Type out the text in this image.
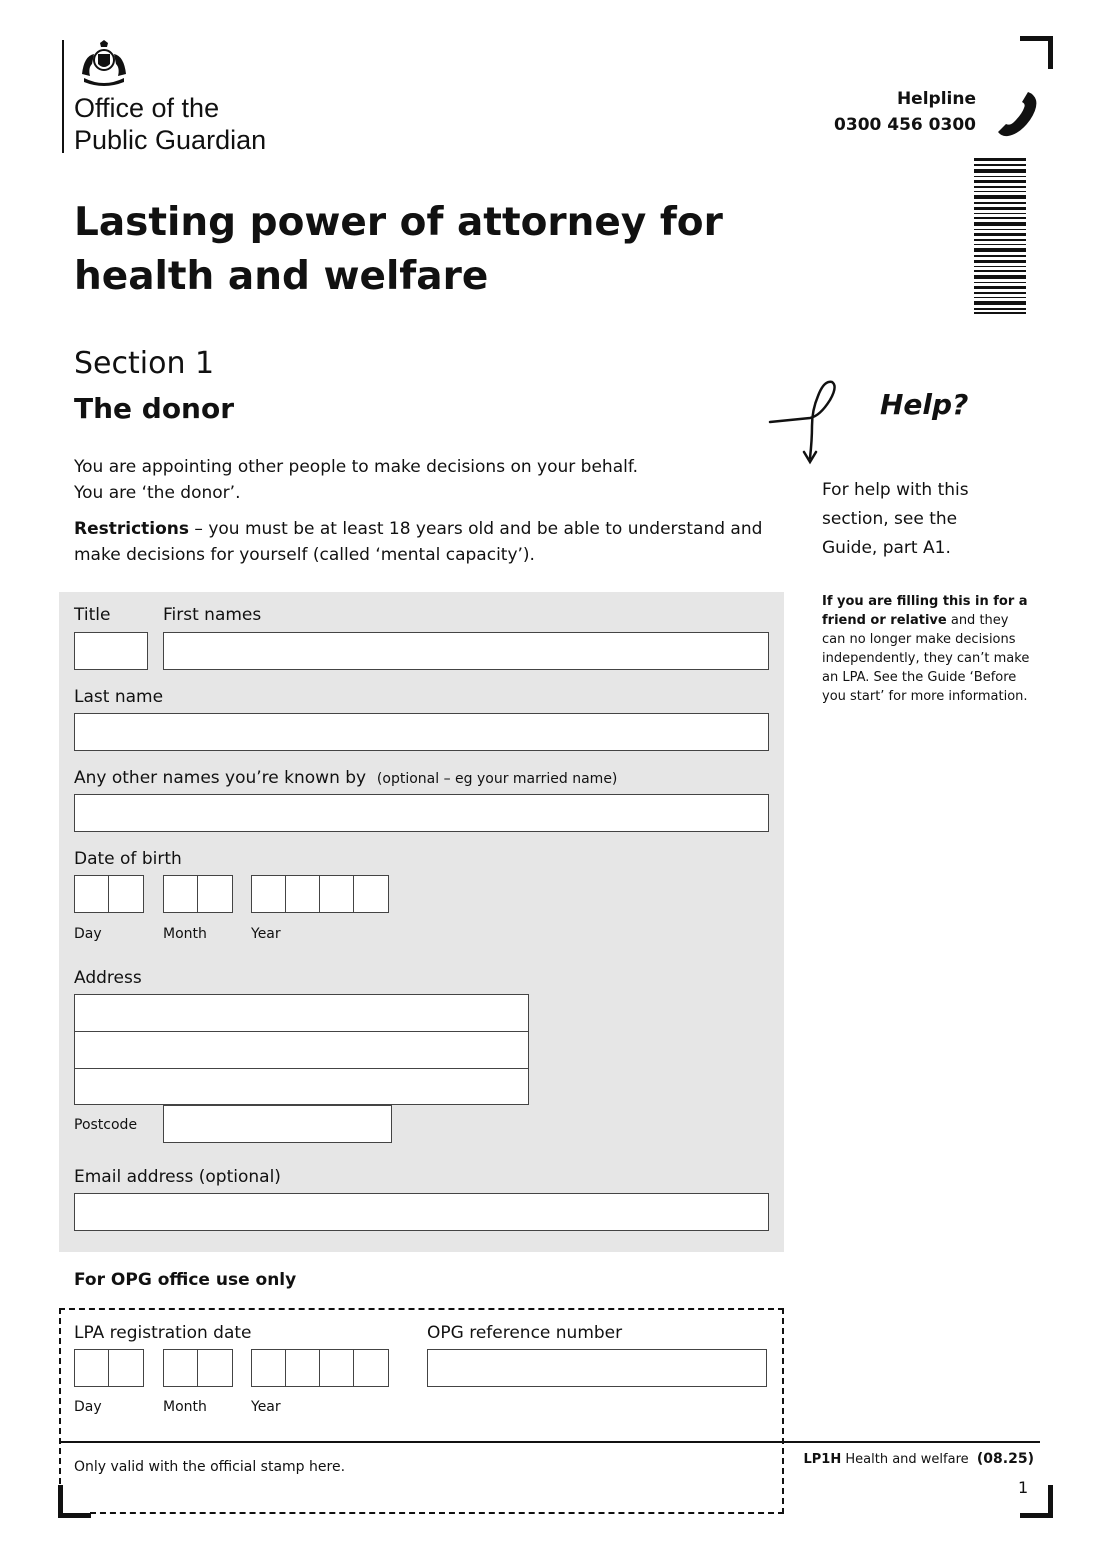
Office of the
Public Guardian
Helpline
0300 456 0300
Lasting power of attorney for
health and welfare
Section 1
The donor

You are appointing other people to make decisions on your behalf.
You are ‘the donor’.

Restrictions – you must be at least 18 years old and be able to understand and make decisions for yourself (called ‘mental capacity’).

Help?
For help with this section, see the Guide, part A1.
If you are filling this in for a friend or relative and they can no longer make decisions independently, they can’t make an LPA. See the Guide ‘Before you start’ for more information.
Title	First names
Last name
Any other names you’re known by (optional – eg your married name)
Date of birth
Day	Month	Year
Address
Postcode
Email address (optional)
For OPG office use only
LPA registration date	OPG reference number
Day	Month	Year
Only valid with the official stamp here.	LP1H Health and welfare (08.25)
1
